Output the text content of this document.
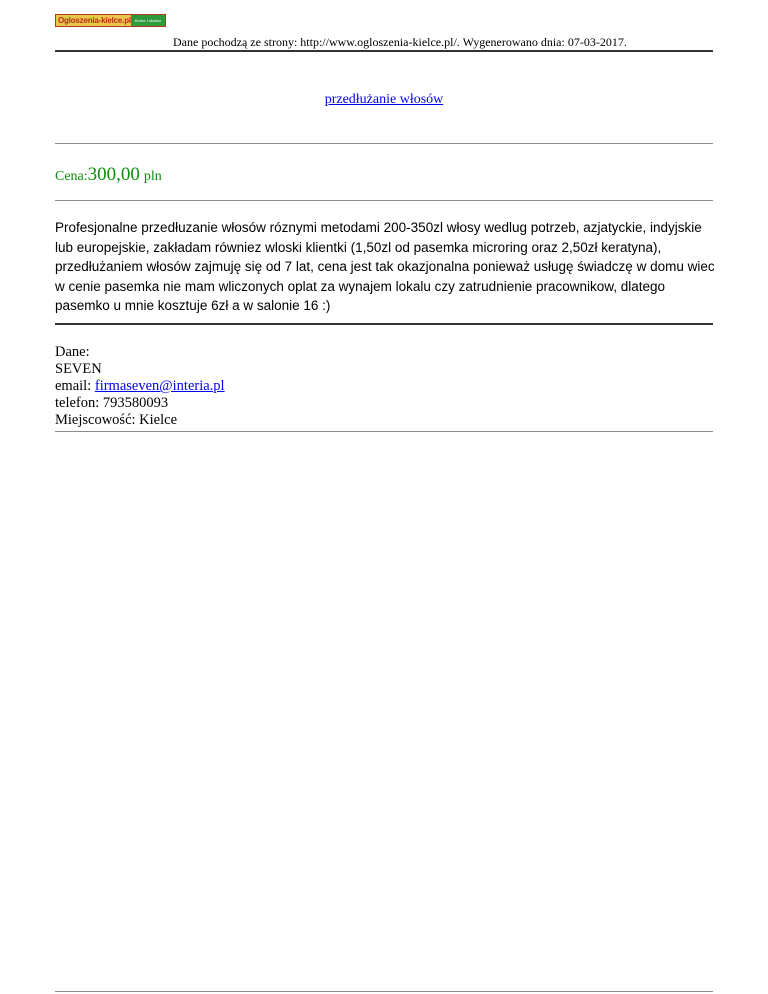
Ogloszenia-kielce.pl Kielce i okolice
Dane pochodzą ze strony: http://www.ogloszenia-kielce.pl/. Wygenerowano dnia: 07-03-2017.
przedłużanie włosów
Cena:300,00 pln

Profesjonalne przedłuzanie włosów róznymi metodami 200-350zl włosy wedlug potrzeb, azjatyckie, indyjskie lub europejskie, zakładam równiez wloski klientki (1,50zl od pasemka microring oraz 2,50zł keratyna), przedłużaniem włosów zajmuję się od 7 lat, cena jest tak okazjonalna ponieważ usługę świadczę w domu wiec w cenie pasemka nie mam wliczonych oplat za wynajem lokalu czy zatrudnienie pracownikow, dlatego pasemko u mnie kosztuje 6zł a w salonie 16 :)

Dane:
SEVEN
email: firmaseven@interia.pl
telefon: 793580093
Miejscowość: Kielce
